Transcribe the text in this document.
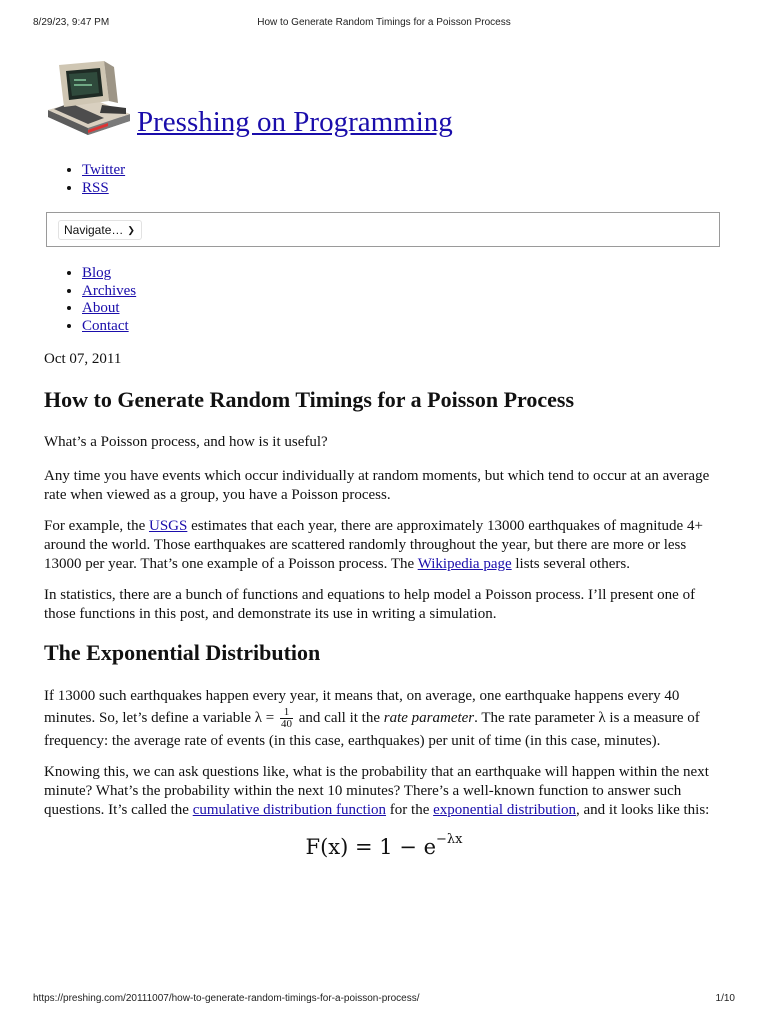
8/29/23, 9:47 PM	How to Generate Random Timings for a Poisson Process
Presshing on Programming
• Twitter
• RSS
Navigate… ❯
• Blog
• Archives
• About
• Contact
Oct 07, 2011
How to Generate Random Timings for a Poisson Process

What’s a Poisson process, and how is it useful?

Any time you have events which occur individually at random moments, but which tend to occur at an average rate when viewed as a group, you have a Poisson process.

For example, the USGS estimates that each year, there are approximately 13000 earthquakes of magnitude 4+ around the world. Those earthquakes are scattered randomly throughout the year, but there are more or less 13000 per year. That’s one example of a Poisson process. The Wikipedia page lists several others.

In statistics, there are a bunch of functions and equations to help model a Poisson process. I’ll present one of those functions in this post, and demonstrate its use in writing a simulation.

The Exponential Distribution

If 13000 such earthquakes happen every year, it means that, on average, one earthquake happens every 40 minutes. So, let’s define a variable $\lambda = \frac{1}{40}$ and call it the rate parameter. The rate parameter λ is a measure of frequency: the average rate of events (in this case, earthquakes) per unit of time (in this case, minutes).

Knowing this, we can ask questions like, what is the probability that an earthquake will happen within the next minute? What’s the probability within the next 10 minutes? There’s a well-known function to answer such questions. It’s called the cumulative distribution function for the exponential distribution, and it looks like this:

$F(x) = 1 - e^{-\lambda x}$
https://preshing.com/20111007/how-to-generate-random-timings-for-a-poisson-process/	1/10
